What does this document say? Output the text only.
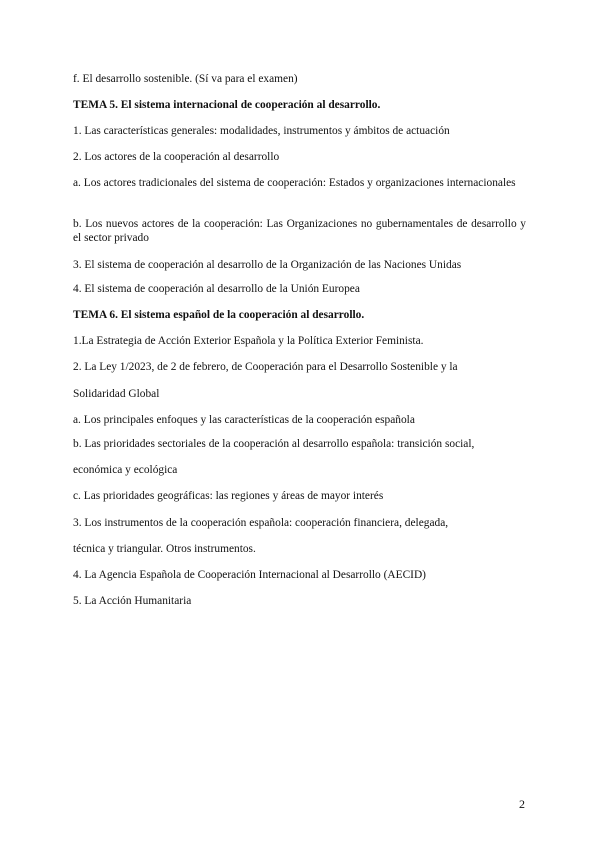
f. El desarrollo sostenible. (Sí va para el examen)
TEMA 5. El sistema internacional de cooperación al desarrollo.
1. Las características generales: modalidades, instrumentos y ámbitos de actuación
2. Los actores de la cooperación al desarrollo
a. Los actores tradicionales del sistema de cooperación: Estados y organizaciones internacionales
b. Los nuevos actores de la cooperación: Las Organizaciones no gubernamentales de desarrollo y el sector privado
3. El sistema de cooperación al desarrollo de la Organización de las Naciones Unidas
4. El sistema de cooperación al desarrollo de la Unión Europea
TEMA 6. El sistema español de la cooperación al desarrollo.
1.La Estrategia de Acción Exterior Española y la Política Exterior Feminista.
2. La Ley 1/2023, de 2 de febrero, de Cooperación para el Desarrollo Sostenible y la
Solidaridad Global
a. Los principales enfoques y las características de la cooperación española
b. Las prioridades sectoriales de la cooperación al desarrollo española: transición social,
económica y ecológica
c. Las prioridades geográficas: las regiones y áreas de mayor interés
3. Los instrumentos de la cooperación española: cooperación financiera, delegada,
técnica y triangular. Otros instrumentos.
4. La Agencia Española de Cooperación Internacional al Desarrollo (AECID)
5. La Acción Humanitaria
2
